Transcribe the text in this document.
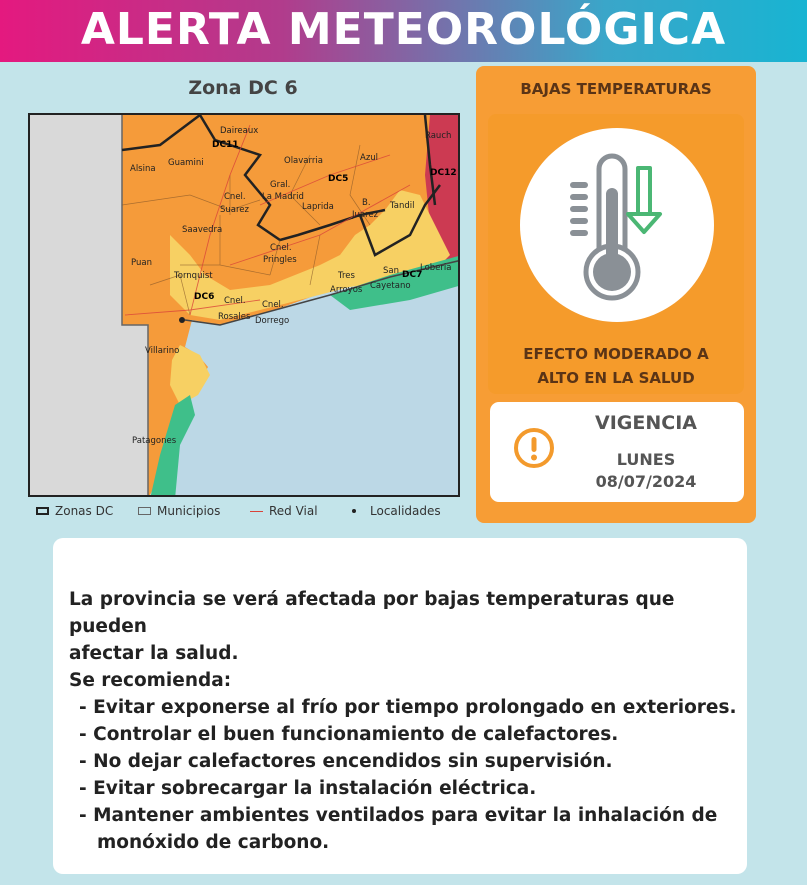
ALERTA METEOROLÓGICA
Zona DC 6
Daireaux	Rauch
Alsina
Guamini	Olavarria	Azul
Gral.
La Madrid
Cnel.
Suarez	Laprida	B.
Juarez
Tandil
Saavedra
Cnel.
Pringles
Puan
Tornquist	Tres
Arroyos
San
Cayetano
Loberia
Cnel.
Rosales
Cnel.
Dorrego
Villarino
Patagones
DC11
DC5
DC12
DC6
DC7
Zonas DC	Municipios	Red Vial	Localidades
BAJAS TEMPERATURAS
EFECTO MODERADO A
ALTO EN LA SALUD
VIGENCIA
LUNES
08/07/2024
La provincia se verá afectada por bajas temperaturas que pueden
afectar la salud.
Se recomienda:
- Evitar exponerse al frío por tiempo prolongado en exteriores.
- Controlar el buen funcionamiento de calefactores.
- No dejar calefactores encendidos sin supervisión.
- Evitar sobrecargar la instalación eléctrica.
- Mantener ambientes ventilados para evitar la inhalación de
monóxido de carbono.
